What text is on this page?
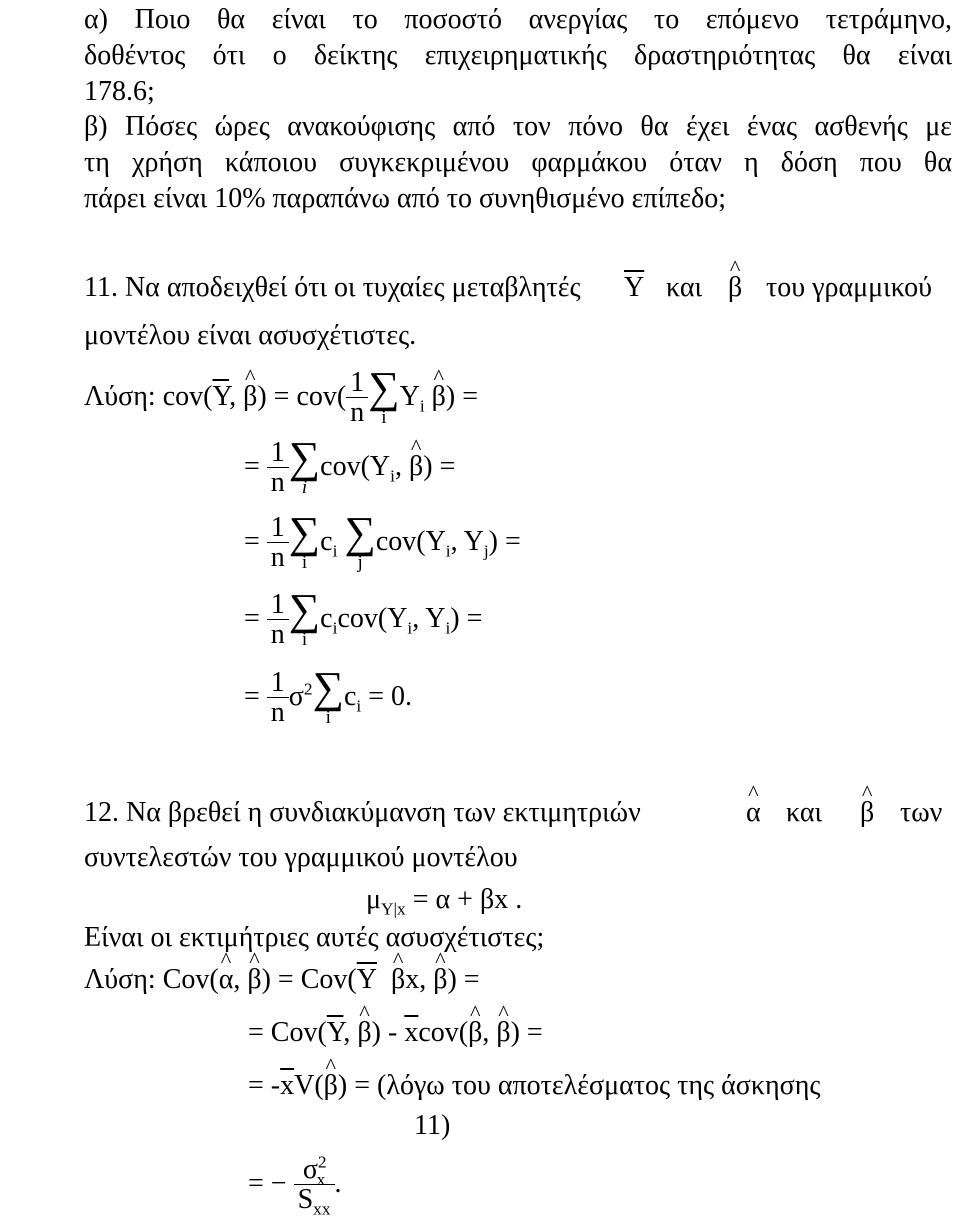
α) Ποιο θα είναι το ποσοστό ανεργίας το επόμενο τετράμηνο,
δοθέντος ότι ο δείκτης επιχειρηματικής δραστηριότητας θα είναι
178.6;
β) Πόσες ώρες ανακούφισης από τον πόνο θα έχει ένας ασθενής με
τη χρήση κάποιου συγκεκριμένου φαρμάκου όταν η δόση που θα
πάρει είναι 10% παραπάνω από το συνηθισμένο επίπεδο;
11. Να αποδειχθεί ότι οι τυχαίες μεταβλητές $\overline{Y}$ και ^ β του γραμμικού
μοντέλου είναι ασυσχέτιστες.
Λύση: $cov(\overline{Y}$, ^ $\beta) = cov( \frac{1}{n}$ ∑
i
$Y_i$ ^ β) =
= $\frac{1}{n}$ ∑
i
$cov(Y_i$, ^ β) =
= $\frac{1}{n}$ ∑
i
$c_i$ ∑
j
$cov(Y_i$, $Y_j$) =
= $\frac{1}{n}$ ∑
i
$c_icov(Y_i$, $Y_i$) =
= $\frac{1}{n} \sigma^2$ ∑
i
$c_i = 0$.
12. Να βρεθεί η συνδιακύμανση των εκτιμητριών	^ α και ^ β των
συντελεστών του γραμμικού μοντέλου
$\mu_{Y|x} = \alpha + \beta x$ .
Είναι οι εκτιμήτριες αυτές ασυσχέτιστες;
Λύση: Cov(^ α, ^ $\beta) = Cov(\overline{Y}$ ^ βx, ^ β) =
= $Cov(\overline{Y}$, ^ $\beta) - \overline{x}cov(\^{}$ β, ^ β) =
= $-\overline{x}V(\^{}$ β) = (λόγω του αποτελέσματος της άσκησης
11)
= − $\frac{\sigma^2_x}{S_{xx}}$ .
